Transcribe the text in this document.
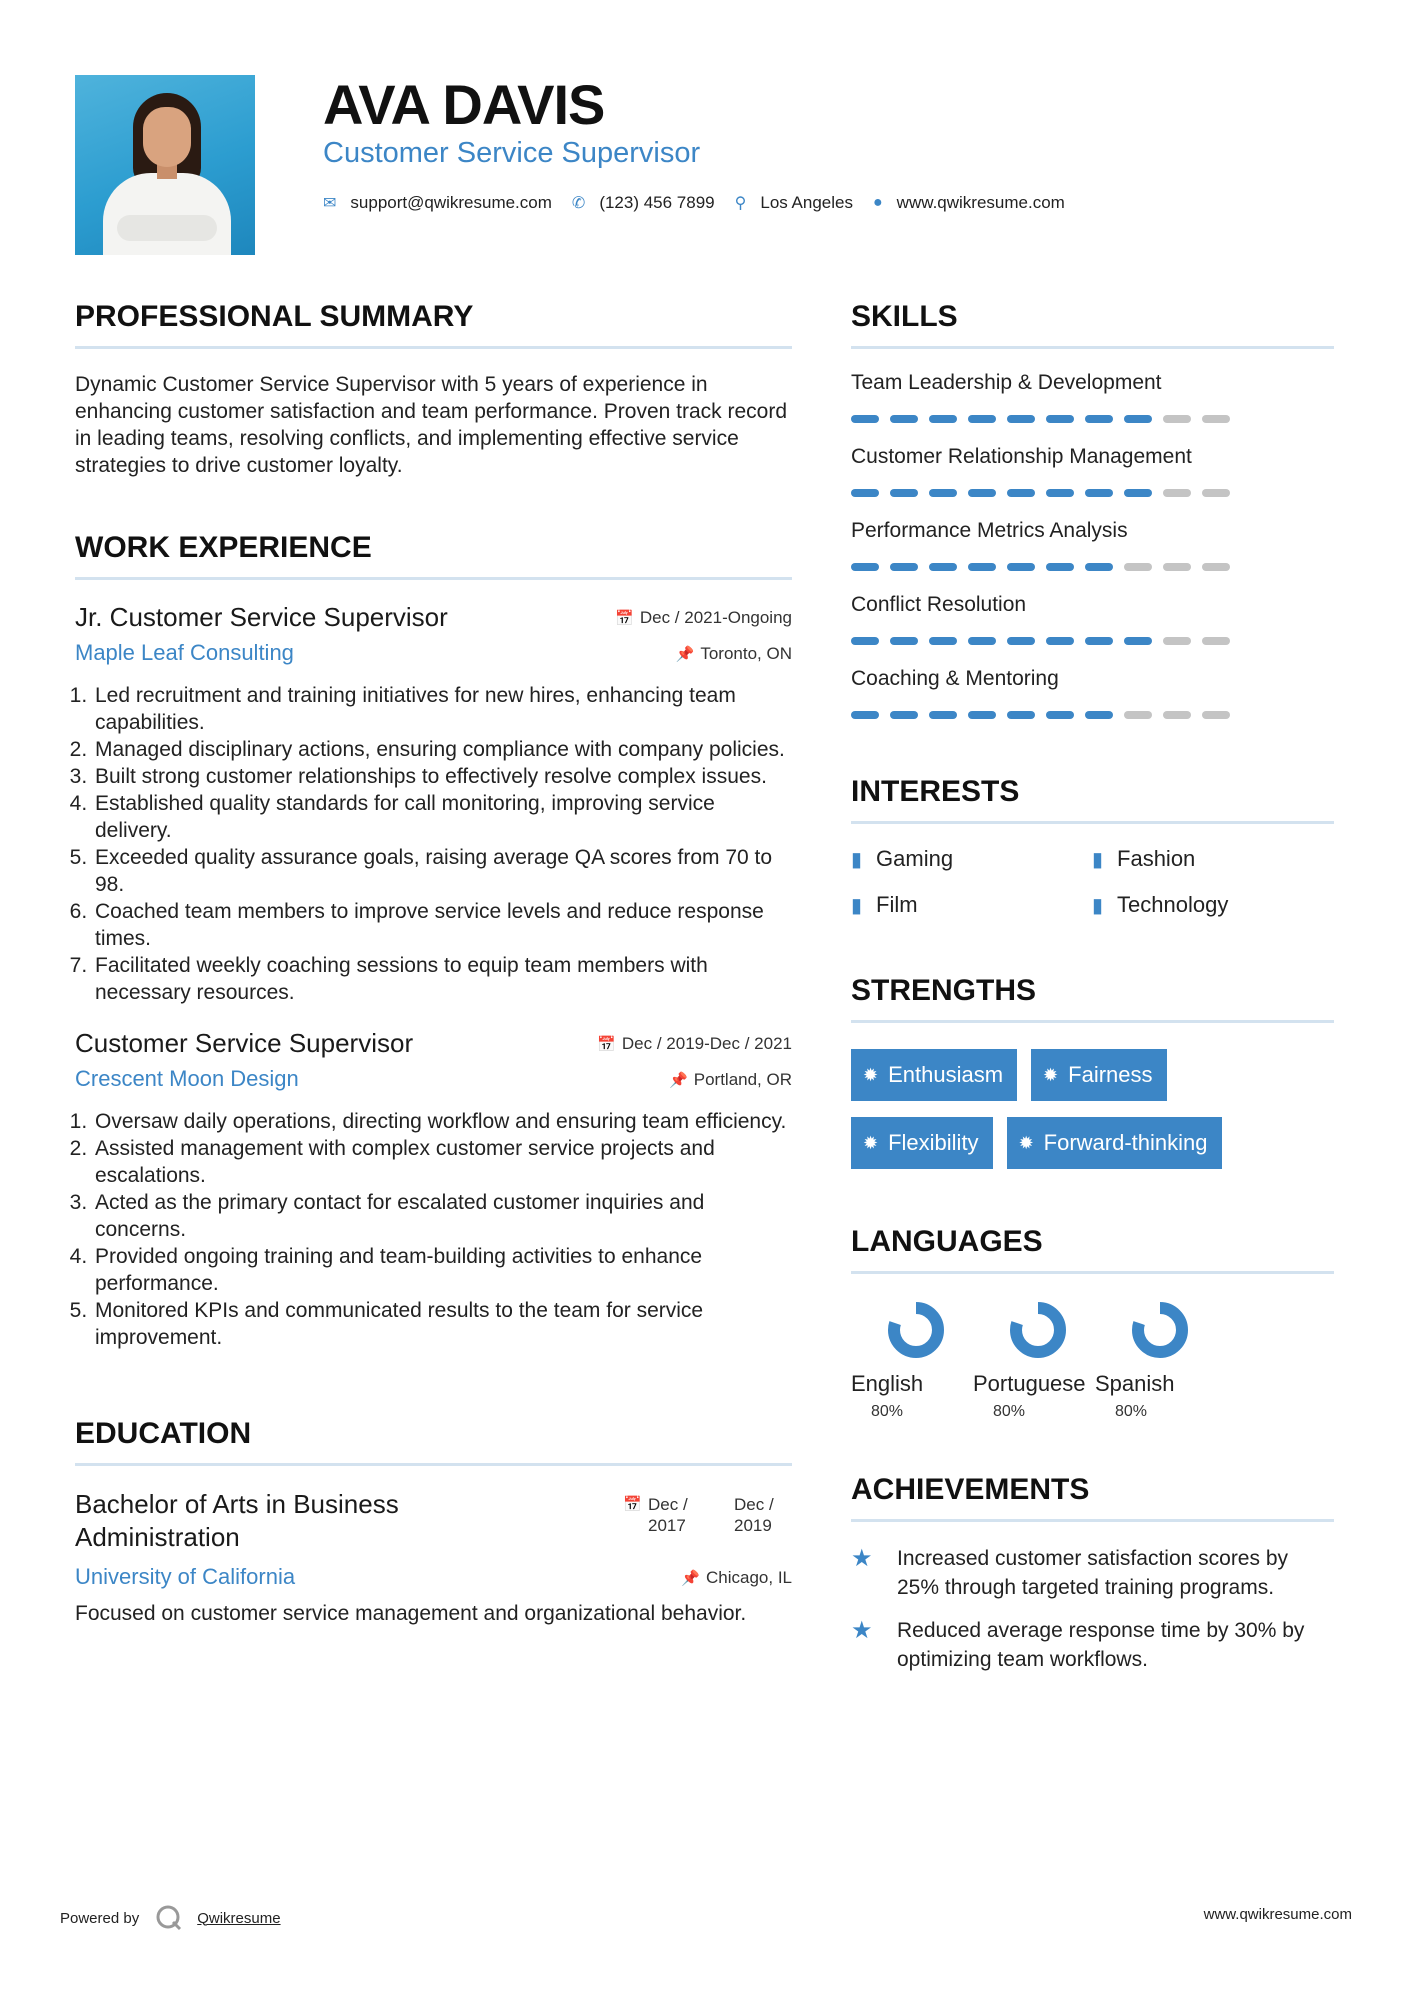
AVA DAVIS
Customer Service Supervisor
✉ support@qwikresume.com ✆ (123) 456 7899 ⚲ Los Angeles ● www.qwikresume.com
PROFESSIONAL SUMMARY
Dynamic Customer Service Supervisor with 5 years of experience in enhancing customer satisfaction and team performance. Proven track record in leading teams, resolving conflicts, and implementing effective service strategies to drive customer loyalty.
WORK EXPERIENCE
Jr. Customer Service Supervisor	📅 Dec / 2021-Ongoing
Maple Leaf Consulting	📌 Toronto, ON
1. Led recruitment and training initiatives for new hires, enhancing team capabilities.
2. Managed disciplinary actions, ensuring compliance with company policies.
3. Built strong customer relationships to effectively resolve complex issues.
4. Established quality standards for call monitoring, improving service delivery.
5. Exceeded quality assurance goals, raising average QA scores from 70 to 98.
6. Coached team members to improve service levels and reduce response times.
7. Facilitated weekly coaching sessions to equip team members with necessary resources.
Customer Service Supervisor	📅 Dec / 2019-Dec / 2021
Crescent Moon Design	📌 Portland, OR
1. Oversaw daily operations, directing workflow and ensuring team efficiency.
2. Assisted management with complex customer service projects and escalations.
3. Acted as the primary contact for escalated customer inquiries and concerns.
4. Provided ongoing training and team-building activities to enhance performance.
5. Monitored KPIs and communicated results to the team for service improvement.
EDUCATION
Bachelor of Arts in Business Administration
📅 Dec / 2017
Dec / 2019
University of California	📌 Chicago, IL
Focused on customer service management and organizational behavior.
SKILLS
Team Leadership & Development
Customer Relationship Management
Performance Metrics Analysis
Conflict Resolution
Coaching & Mentoring
INTERESTS
▮ Gaming	▮ Fashion
▮ Film	▮ Technology
STRENGTHS
✹ Enthusiasm ✹ Fairness
✹ Flexibility ✹ Forward-thinking
LANGUAGES
English
80%
Portuguese
80%
Spanish
80%
ACHIEVEMENTS
★	Increased customer satisfaction scores by 25% through targeted training programs.
★	Reduced average response time by 30% by optimizing team workflows.
Powered by	Qwikresume	www.qwikresume.com
